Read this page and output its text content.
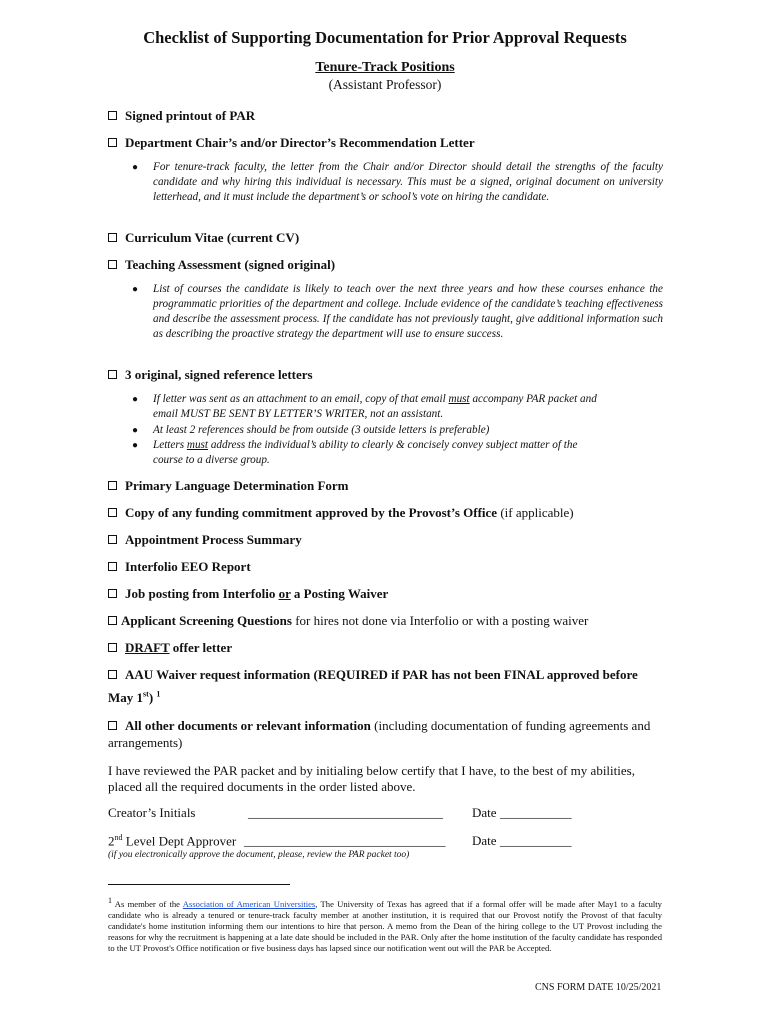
Checklist of Supporting Documentation for Prior Approval Requests
Tenure-Track Positions
(Assistant Professor)
Signed printout of PAR
Department Chair’s and/or Director’s Recommendation Letter
● For tenure-track faculty, the letter from the Chair and/or Director should detail the strengths of the faculty candidate and why hiring this individual is necessary. This must be a signed, original document on university letterhead, and it must include the department’s or school’s vote on hiring the candidate.
Curriculum Vitae (current CV)
Teaching Assessment (signed original)
● List of courses the candidate is likely to teach over the next three years and how these courses enhance the programmatic priorities of the department and college. Include evidence of the candidate’s teaching effectiveness and describe the assessment process. If the candidate has not previously taught, give additional information such as describing the proactive strategy the department will use to ensure success.
3 original, signed reference letters
● If letter was sent as an attachment to an email, copy of that email must accompany PAR packet and
email MUST BE SENT BY LETTER’S WRITER, not an assistant.
● At least 2 references should be from outside (3 outside letters is preferable)
● Letters must address the individual’s ability to clearly & concisely convey subject matter of the
course to a diverse group.
Primary Language Determination Form
Copy of any funding commitment approved by the Provost’s Office (if applicable)
Appointment Process Summary
Interfolio EEO Report
Job posting from Interfolio or a Posting Waiver
Applicant Screening Questions for hires not done via Interfolio or with a posting waiver
DRAFT offer letter
AAU Waiver request information (REQUIRED if PAR has not been FINAL approved before
May 1st) $^1$
All other documents or relevant information (including documentation of funding agreements and
arrangements)
I have reviewed the PAR packet and by initialing below certify that I have, to the best of my abilities, placed all the required documents in the order listed above.
Creator’s Initials	______________________________ Date ___________
2nd Level Dept Approver _______________________________ Date ___________
(if you electronically approve the document, please, review the PAR packet too)
$^1$ As member of the Association of American Universities, The University of Texas has agreed that if a formal offer will be made after May1 to a faculty candidate who is already a tenured or tenure-track faculty member at another institution, it is required that our Provost notify the Provost of that faculty candidate's home institution informing them our intentions to hire that person. A memo from the Dean of the hiring college to the UT Provost including the reasons for why the recruitment is happening at a late date should be included in the PAR. Only after the home institution of the faculty candidate has responded to the UT Provost's Office notification or five business days has lapsed since our notification went out will the PAR be Accepted.
CNS FORM DATE 10/25/2021
